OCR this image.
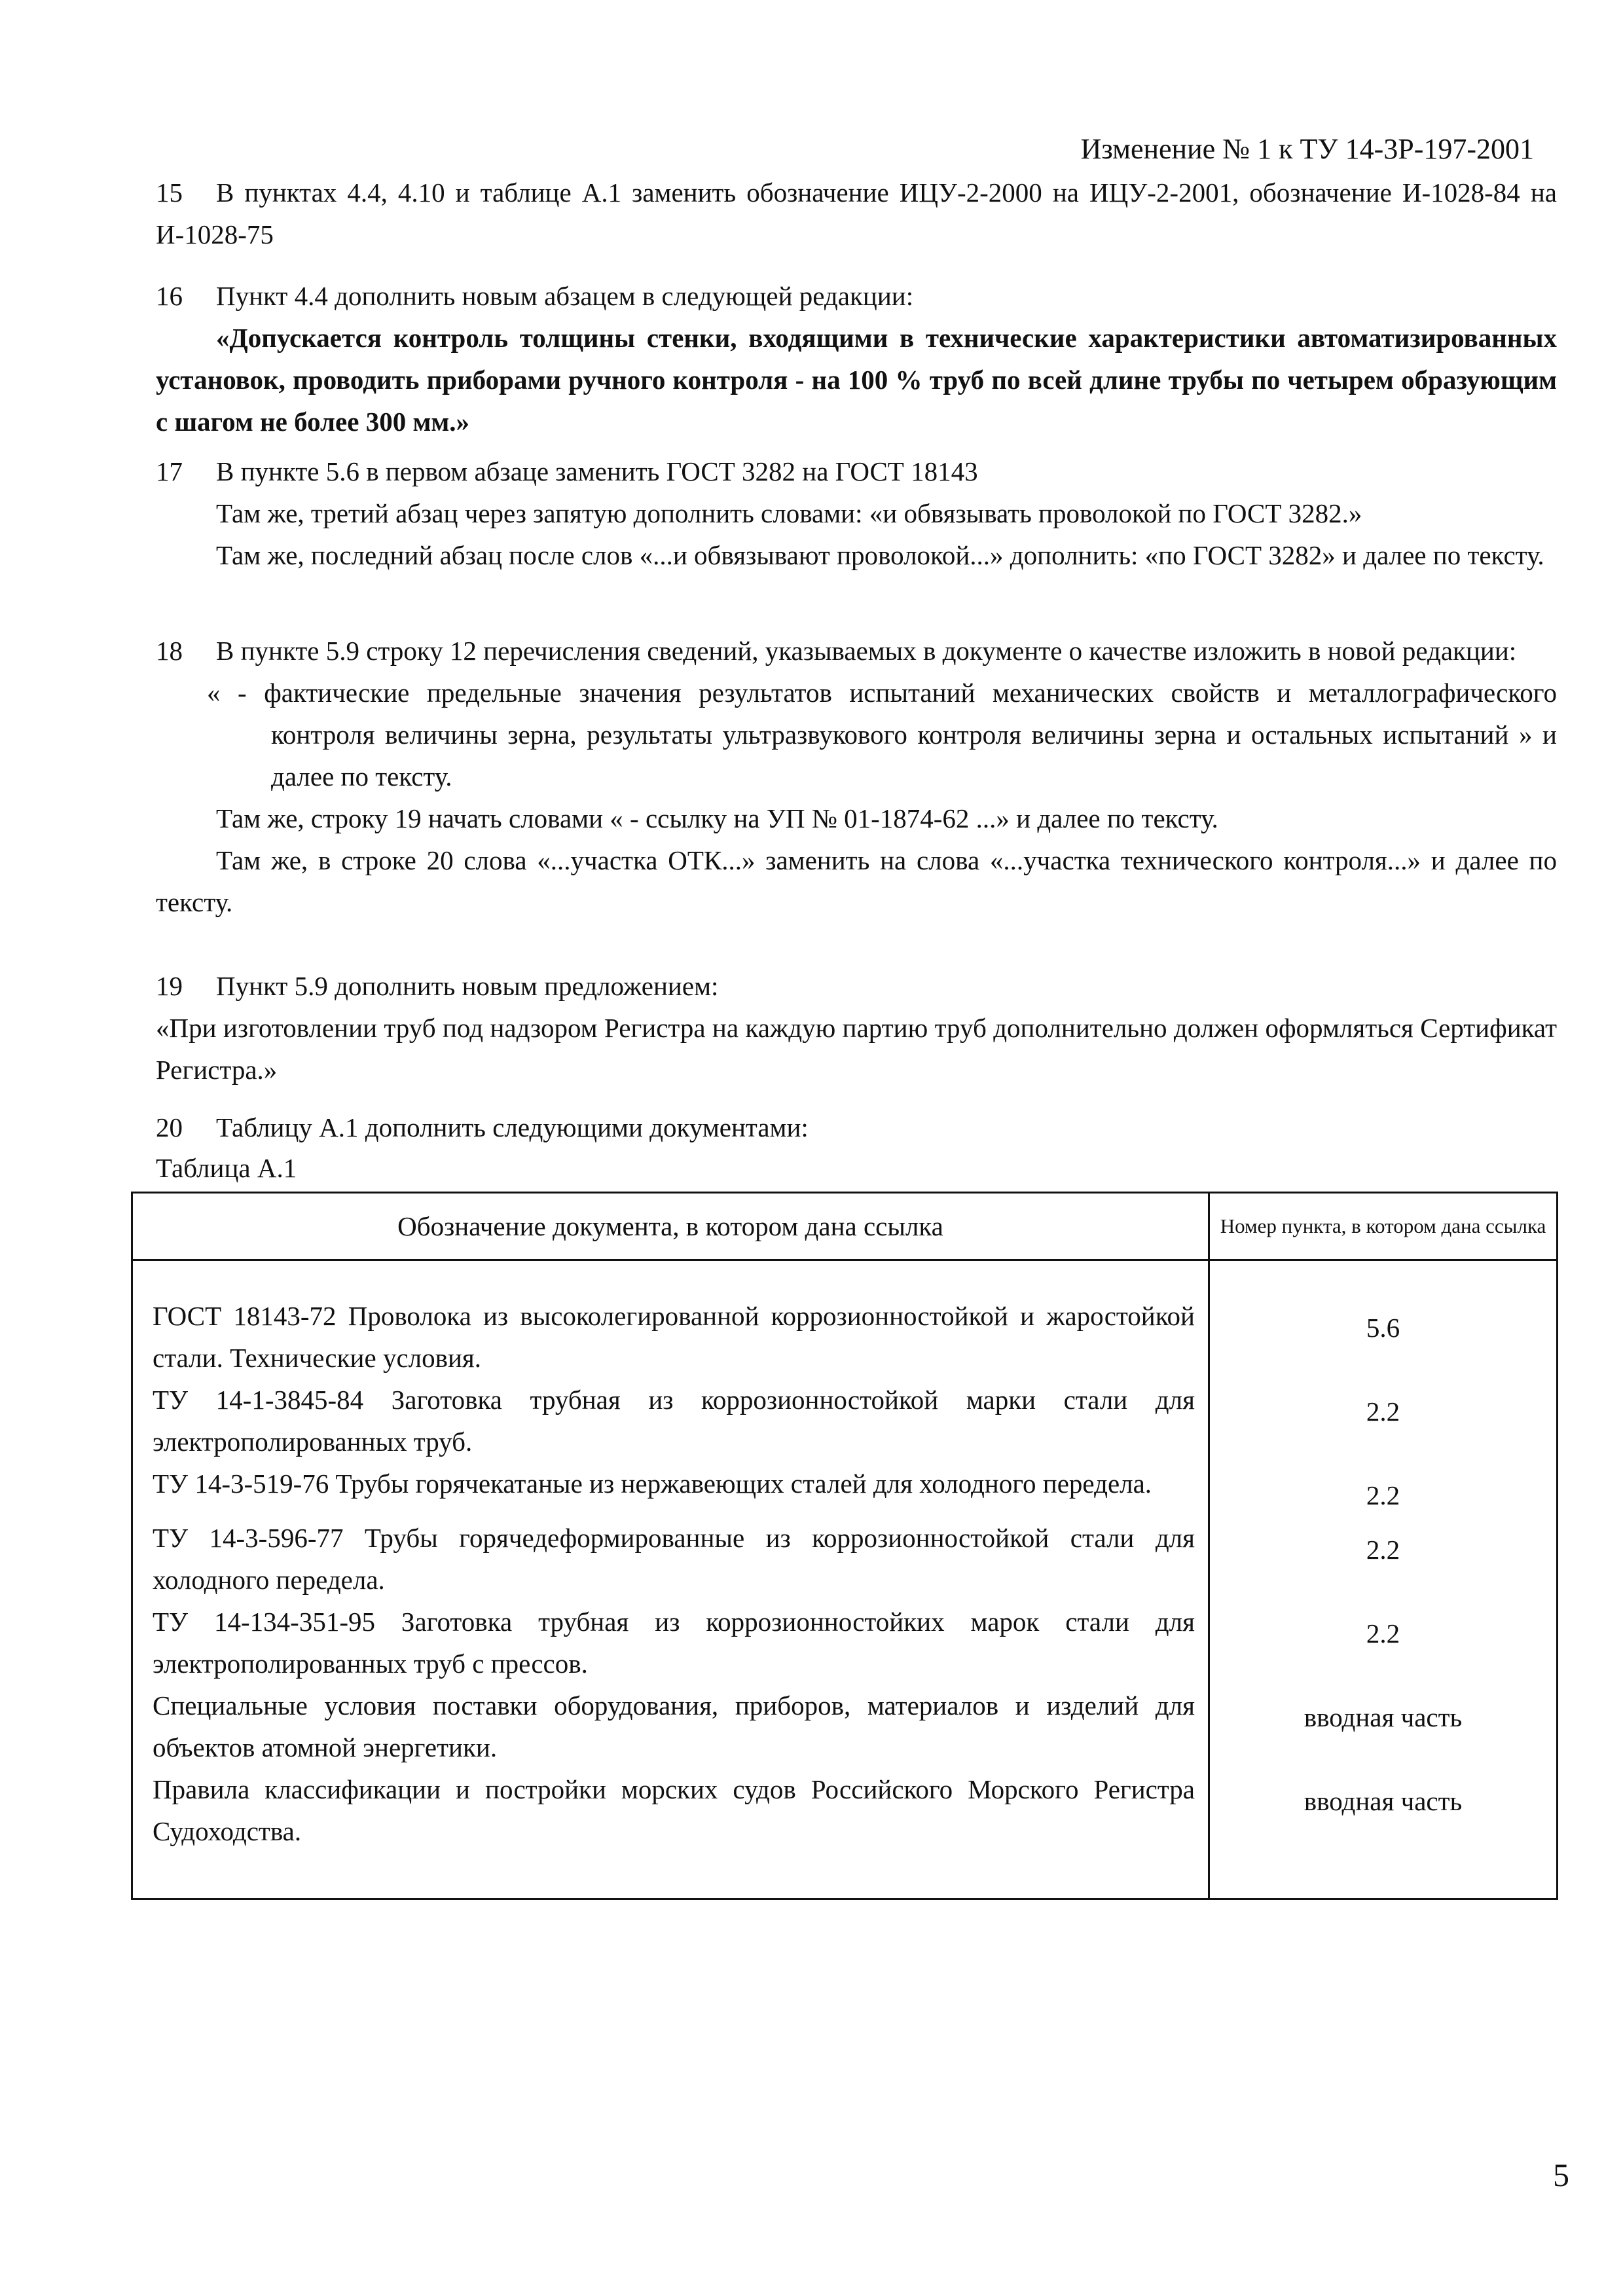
Изменение № 1 к ТУ 14-3Р-197-2001

15 В пунктах 4.4, 4.10 и таблице А.1 заменить обозначение ИЦУ-2-2000 на ИЦУ-2-2001, обозначение И-1028-84 на И-1028-75

16 Пункт 4.4 дополнить новым абзацем в следующей редакции:

«Допускается контроль толщины стенки, входящими в технические характеристики автоматизированных установок, проводить приборами ручного контроля - на 100 % труб по всей длине трубы по четырем образующим с шагом не более 300 мм.»

17 В пункте 5.6 в первом абзаце заменить ГОСТ 3282 на ГОСТ 18143

Там же, третий абзац через запятую дополнить словами: «и обвязывать проволокой по ГОСТ 3282.»

Там же, последний абзац после слов «...и обвязывают проволокой...» дополнить: «по ГОСТ 3282» и далее по тексту.

18 В пункте 5.9 строку 12 перечисления сведений, указываемых в документе о качестве изложить в новой редакции:

« - фактические предельные значения результатов испытаний механических свойств и металлографического контроля величины зерна, результаты ультразвукового контроля величины зерна и остальных испытаний » и далее по тексту.

Там же, строку 19 начать словами « - ссылку на УП № 01-1874-62 ...» и далее по тексту.

Там же, в строке 20 слова «...участка ОТК...» заменить на слова «...участка технического контроля...» и далее по тексту.

19 Пункт 5.9 дополнить новым предложением:

«При изготовлении труб под надзором Регистра на каждую партию труб дополнительно должен оформляться Сертификат Регистра.»

20 Таблицу А.1 дополнить следующими документами:

Таблица А.1
Обозначение документа, в котором дана ссылка	Номер пункта, в котором дана ссылка
ГОСТ 18143-72 Проволока из высоколегированной коррозионностойкой и жаростойкой стали. Технические условия.	5.6
ТУ 14-1-3845-84 Заготовка трубная из коррозионностойкой марки стали для электрополированных труб.	2.2
ТУ 14-3-519-76 Трубы горячекатаные из нержавеющих сталей для холодного передела.	2.2
ТУ 14-3-596-77 Трубы горячедеформированные из коррозионностойкой стали для холодного передела.	2.2
ТУ 14-134-351-95 Заготовка трубная из коррозионностойких марок стали для электрополированных труб с прессов.	2.2
Специальные условия поставки оборудования, приборов, материалов и изделий для объектов атомной энергетики.	вводная часть
Правила классификации и постройки морских судов Российского Морского Регистра Судоходства.	вводная часть
5
